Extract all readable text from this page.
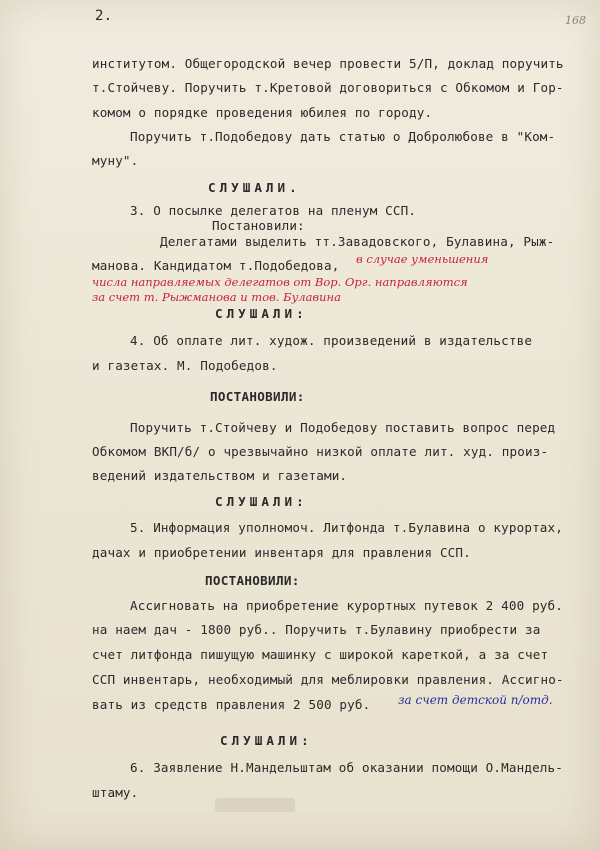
2.	168
институтом. Общегородской вечер провести 5/П, доклад поручить
т.Стойчеву. Поручить т.Кретовой договориться с Обкомом и Гор-
комом о порядке проведения юбилея по городу.
Поручить т.Подобедову дать статью о Добролюбове в "Ком-
муну".
СЛУШАЛИ.
3. О посылке делегатов на пленум ССП.
Постановили:
Делегатами выделить тт.Завадовского, Булавина, Рыж-
манова. Кандидатом т.Подобедова, в случае уменьшения
числа направляемых делегатов от Вор. Орг. направляются
за счет т. Рыжманова и тов. Булавина
СЛУШАЛИ:
4. Об оплате лит. худож. произведений в издательстве
и газетах. М. Подобедов.
ПОСТАНОВИЛИ:
Поручить т.Стойчеву и Подобедову поставить вопрос перед
Обкомом ВКП/б/ о чрезвычайно низкой оплате лит. худ. произ-
ведений издательством и газетами.
СЛУШАЛИ:
5. Информация уполномоч. Литфонда т.Булавина о курортах,
дачах и приобретении инвентаря для правления ССП.
ПОСТАНОВИЛИ:
Ассигновать на приобретение курортных путевок 2 400 руб.
на наем дач - 1800 руб.. Поручить т.Булавину приобрести за
счет литфонда пишущую машинку с широкой кареткой, а за счет
ССП инвентарь, необходимый для меблировки правления. Ассигно-
вать из средств правления 2 500 руб. за счет детской п/отд.
СЛУШАЛИ:
6. Заявление Н.Мандельштам об оказании помощи О.Мандель-
штаму.
